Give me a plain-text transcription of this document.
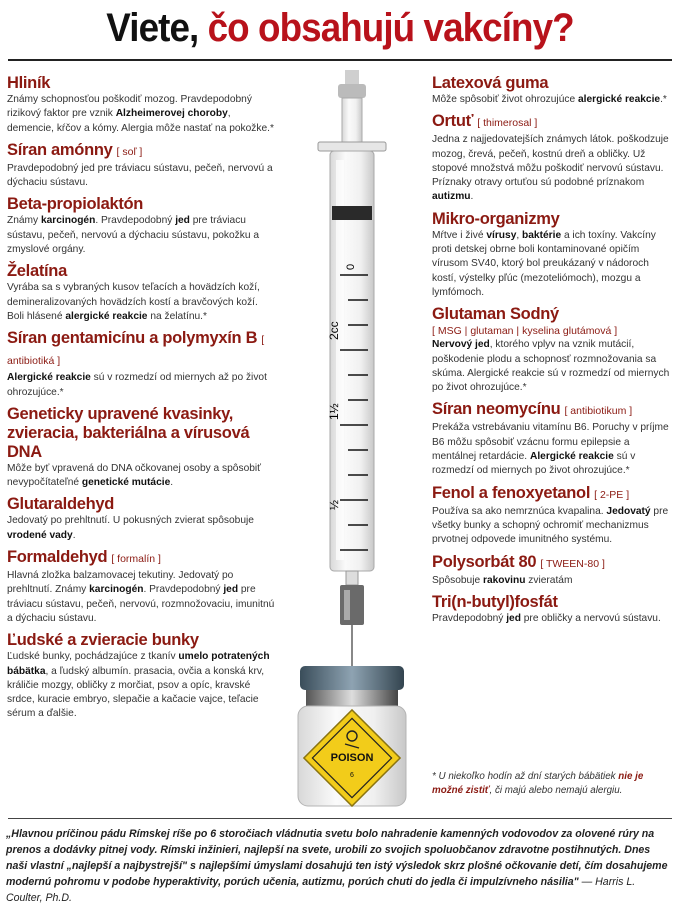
Viete, čo obsahujú vakcíny?
Hliník
Známy schopnosťou poškodiť mozog. Pravdepodobný rizikový faktor pre vznik Alzheimerovej choroby, demencie, kŕčov a kómy. Alergia môže nastať na pokožke.*
Síran amónny [ soľ ]
Pravdepodobný jed pre tráviacu sústavu, pečeň, nervovú a dýchaciu sústavu.
Beta-propiolaktón
Známy karcinogén. Pravdepodobný jed pre tráviacu sústavu, pečeň, nervovú a dýchaciu sústavu, pokožku a zmyslové orgány.
Želatína
Vyrába sa s vybraných kusov teľacích a hovädzích koží, demineralizovaných hovädzích kostí a bravčových koží. Boli hlásené alergické reakcie na želatínu.*
Síran gentamicínu a polymyxín B [ antibiotiká ]
Alergické reakcie sú v rozmedzí od miernych až po život ohrozujúce.*
Geneticky upravené kvasinky, zvieracia, bakteriálna a vírusová DNA
Môže byť vpravená do DNA očkovanej osoby a spôsobiť nevypočítateľné genetické mutácie.
Glutaraldehyd
Jedovatý po prehltnutí. U pokusných zvierat spôsobuje vrodené vady.
Formaldehyd [ formalín ]
Hlavná zložka balzamovacej tekutiny. Jedovatý po prehltnutí. Známy karcinogén. Pravdepodobný jed pre tráviacu sústavu, pečeň, nervovú, rozmnožovaciu, imunitnú a dýchaciu sústavu.
Ľudské a zvieracie bunky
Ľudské bunky, pochádzajúce z tkanív umelo potratených bábätka, a ľudský albumín. prasacia, ovčia a konská krv, králičie mozgy, obličky z morčiat, psov a opíc, kravské srdce, kuracie embryo, slepačie a kačacie vajce, teľacie sérum a ďalšie.
Latexová guma
Môže spôsobiť život ohrozujúce alergické reakcie.*
Ortuť [ thimerosal ]
Jedna z najjedovatejších známych látok. poškodzuje mozog, črevá, pečeň, kostnú dreň a obličky. Už stopové množstvá môžu poškodiť nervovú sústavu. Príznaky otravy ortuťou sú podobné príznakom autizmu.
Mikro-organizmy
Mŕtve i živé vírusy, baktérie a ich toxíny. Vakcíny proti detskej obrne boli kontaminované opičím vírusom SV40, ktorý bol preukázaný v nádoroch kostí, výstelky pľúc (mezoteliómoch), mozgu a lymfómoch.
Glutaman Sodný
[ MSG | glutaman | kyselina glutámová ]
Nervový jed, ktorého vplyv na vznik mutácií, poškodenie plodu a schopnosť rozmnožovania sa skúma. Alergické reakcie sú v rozmedzí od miernych po život ohrozujúce.*
Síran neomycínu [ antibiotikum ]
Prekáža vstrebávaniu vitamínu B6. Poruchy v príjme B6 môžu spôsobiť vzácnu formu epilepsie a mentálnej retardácie. Alergické reakcie sú v rozmedzí od miernych po život ohrozujúce.*
Fenol a fenoxyetanol [ 2-PE ]
Používa sa ako nemrznúca kvapalina. Jedovatý pre všetky bunky a schopný ochromiť mechanizmus prvotnej odpovede imunitného systému.
Polysorbát 80 [ TWEEN-80 ]
Spôsobuje rakovinu zvieratám
Tri(n-butyl)fosfát
Pravdepodobný jed pre obličky a nervovú sústavu.
0
2cc
1½
½
POISON
6	* U niekoľko hodín až dní starých bábätiek nie je možné zistiť, či majú alebo nemajú alergiu.
„Hlavnou príčinou pádu Rímskej ríše po 6 storočiach vládnutia svetu bolo nahradenie kamenných vodovodov za olovené rúry na prenos a dodávky pitnej vody. Rímski inžinieri, najlepší na svete, urobili zo svojich spoluobčanov zdravotne postihnutých. Dnes naši vlastní „najlepší a najbystrejší" s najlepšími úmyslami dosahujú ten istý výsledok skrz plošné očkovanie detí, čím dosahujeme modernú pohromu v podobe hyperaktivity, porúch učenia, autizmu, porúch chuti do jedla či impulzívneho násilia" — Harris L. Coulter, Ph.D.
